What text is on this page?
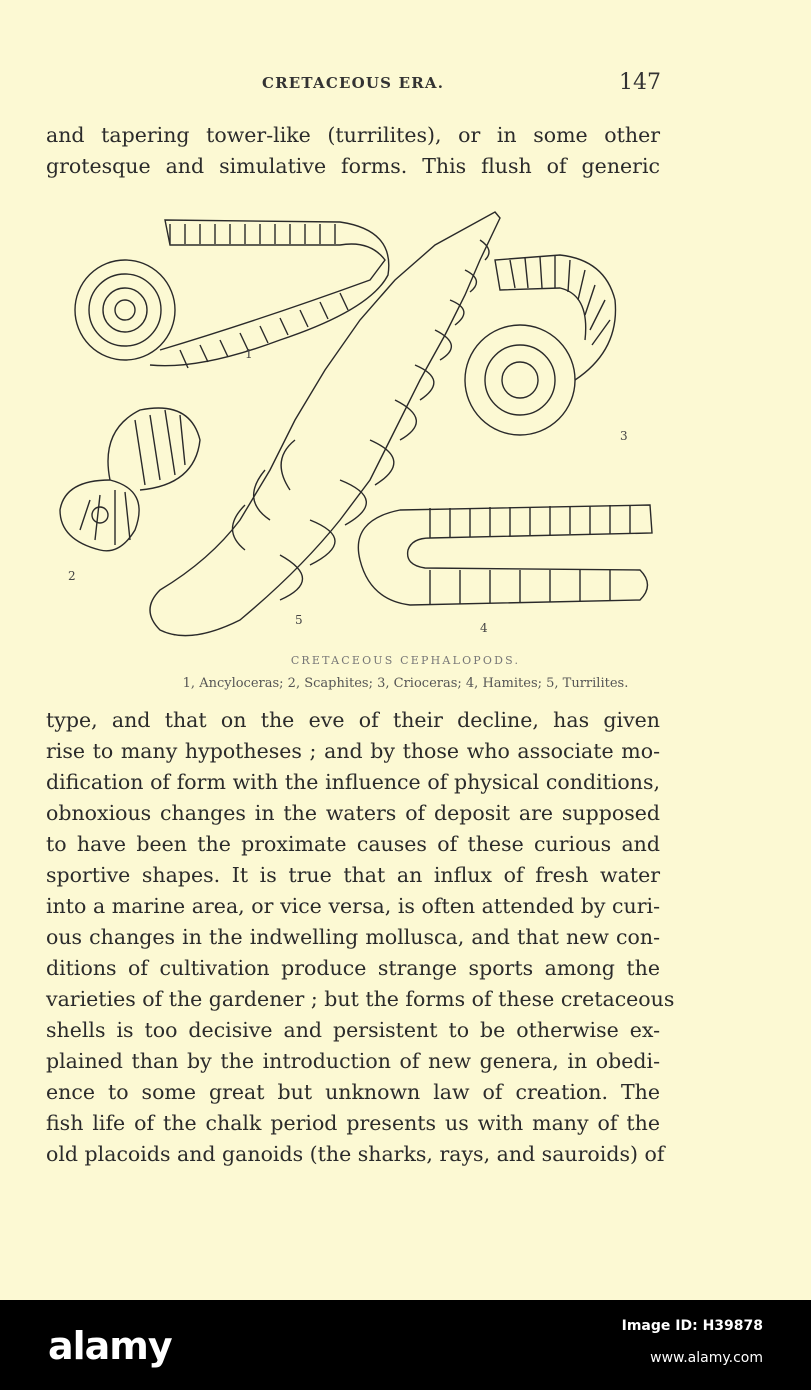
CRETACEOUS ERA.	147
and tapering tower-like (turrilites), or in some other
grotesque and simulative forms. This flush of generic
2
3
4
5
1
CRETACEOUS CEPHALOPODS.
1, Ancyloceras; 2, Scaphites; 3, Crioceras; 4, Hamites; 5, Turrilites.
type, and that on the eve of their decline, has given
rise to many hypotheses ; and by those who associate mo-
dification of form with the influence of physical conditions,
obnoxious changes in the waters of deposit are supposed
to have been the proximate causes of these curious and
sportive shapes. It is true that an influx of fresh water
into a marine area, or vice versa, is often attended by curi-
ous changes in the indwelling mollusca, and that new con-
ditions of cultivation produce strange sports among the
varieties of the gardener ; but the forms of these cretaceous
shells is too decisive and persistent to be otherwise ex-
plained than by the introduction of new genera, in obedi-
ence to some great but unknown law of creation. The
fish life of the chalk period presents us with many of the
old placoids and ganoids (the sharks, rays, and sauroids) of
alamy	Image ID: H39878
www.alamy.com
